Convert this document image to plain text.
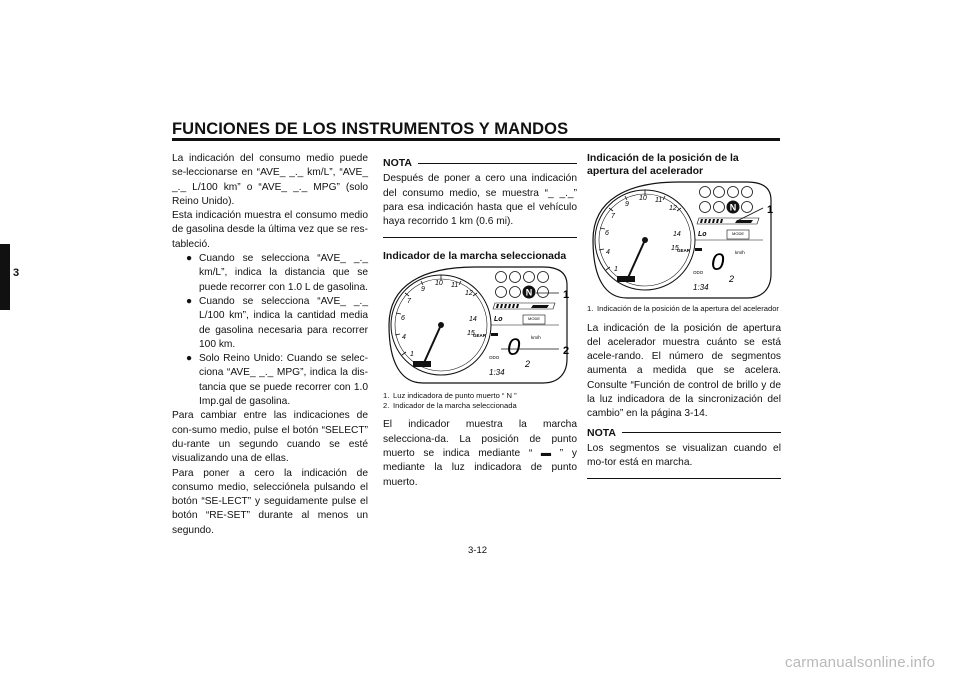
FUNCIONES DE LOS INSTRUMENTOS Y MANDOS
3

La indicación del consumo medio puede se-leccionarse en “AVE_ _._ km/L”, “AVE_ _._ L/100 km” o “AVE_ _._ MPG” (solo Reino Unido).

Esta indicación muestra el consumo medio de gasolina desde la última vez que se res-tableció.

● Cuando se selecciona “AVE_ _._ km/L”, indica la distancia que se puede recorrer con 1.0 L de gasolina.

● Cuando se selecciona “AVE_ _._ L/100 km”, indica la cantidad media de gasolina necesaria para recorrer 100 km.

● Solo Reino Unido: Cuando se selec-ciona “AVE_ _._ MPG”, indica la dis-tancia que se puede recorrer con 1.0 Imp.gal de gasolina.

Para cambiar entre las indicaciones de con-sumo medio, pulse el botón “SELECT” du-rante un segundo cuando se esté visualizando una de ellas.

Para poner a cero la indicación de consumo medio, selecciónela pulsando el botón “SE-LECT” y seguidamente pulse el botón “RE-SET” durante al menos un segundo.

NOTA

Después de poner a cero una indicación del consumo medio, se muestra “_ _._” para esa indicación hasta que el vehículo haya recorrido 1 km (0.6 mi).

Indicador de la marcha seleccionada

1
4
6
7
9
10 11
12
14
15
N
Lo	MODE
GEAR 0 km/h
ODO
2
1:34
1
2

1. Luz indicadora de punto muerto “ N ”

2. Indicador de la marcha seleccionada

El indicador muestra la marcha selecciona-da. La posición de punto muerto se indica mediante “ ▬ ” y mediante la luz indicadora de punto muerto.

Indicación de la posición de la apertura del acelerador

1
4
6
7
9
10 11
12
14
15
N
Lo	MODE
GEAR 0 km/h
ODO
2
1:34
1

1. Indicación de la posición de la apertura del acelerador

La indicación de la posición de apertura del acelerador muestra cuánto se está acele-rando. El número de segmentos aumenta a medida que se acelera. Consulte “Función de control de brillo y de la luz indicadora de la sincronización del cambio” en la página 3-14.

NOTA

Los segmentos se visualizan cuando el mo-tor está en marcha.

3-12
carmanualsonline.info
